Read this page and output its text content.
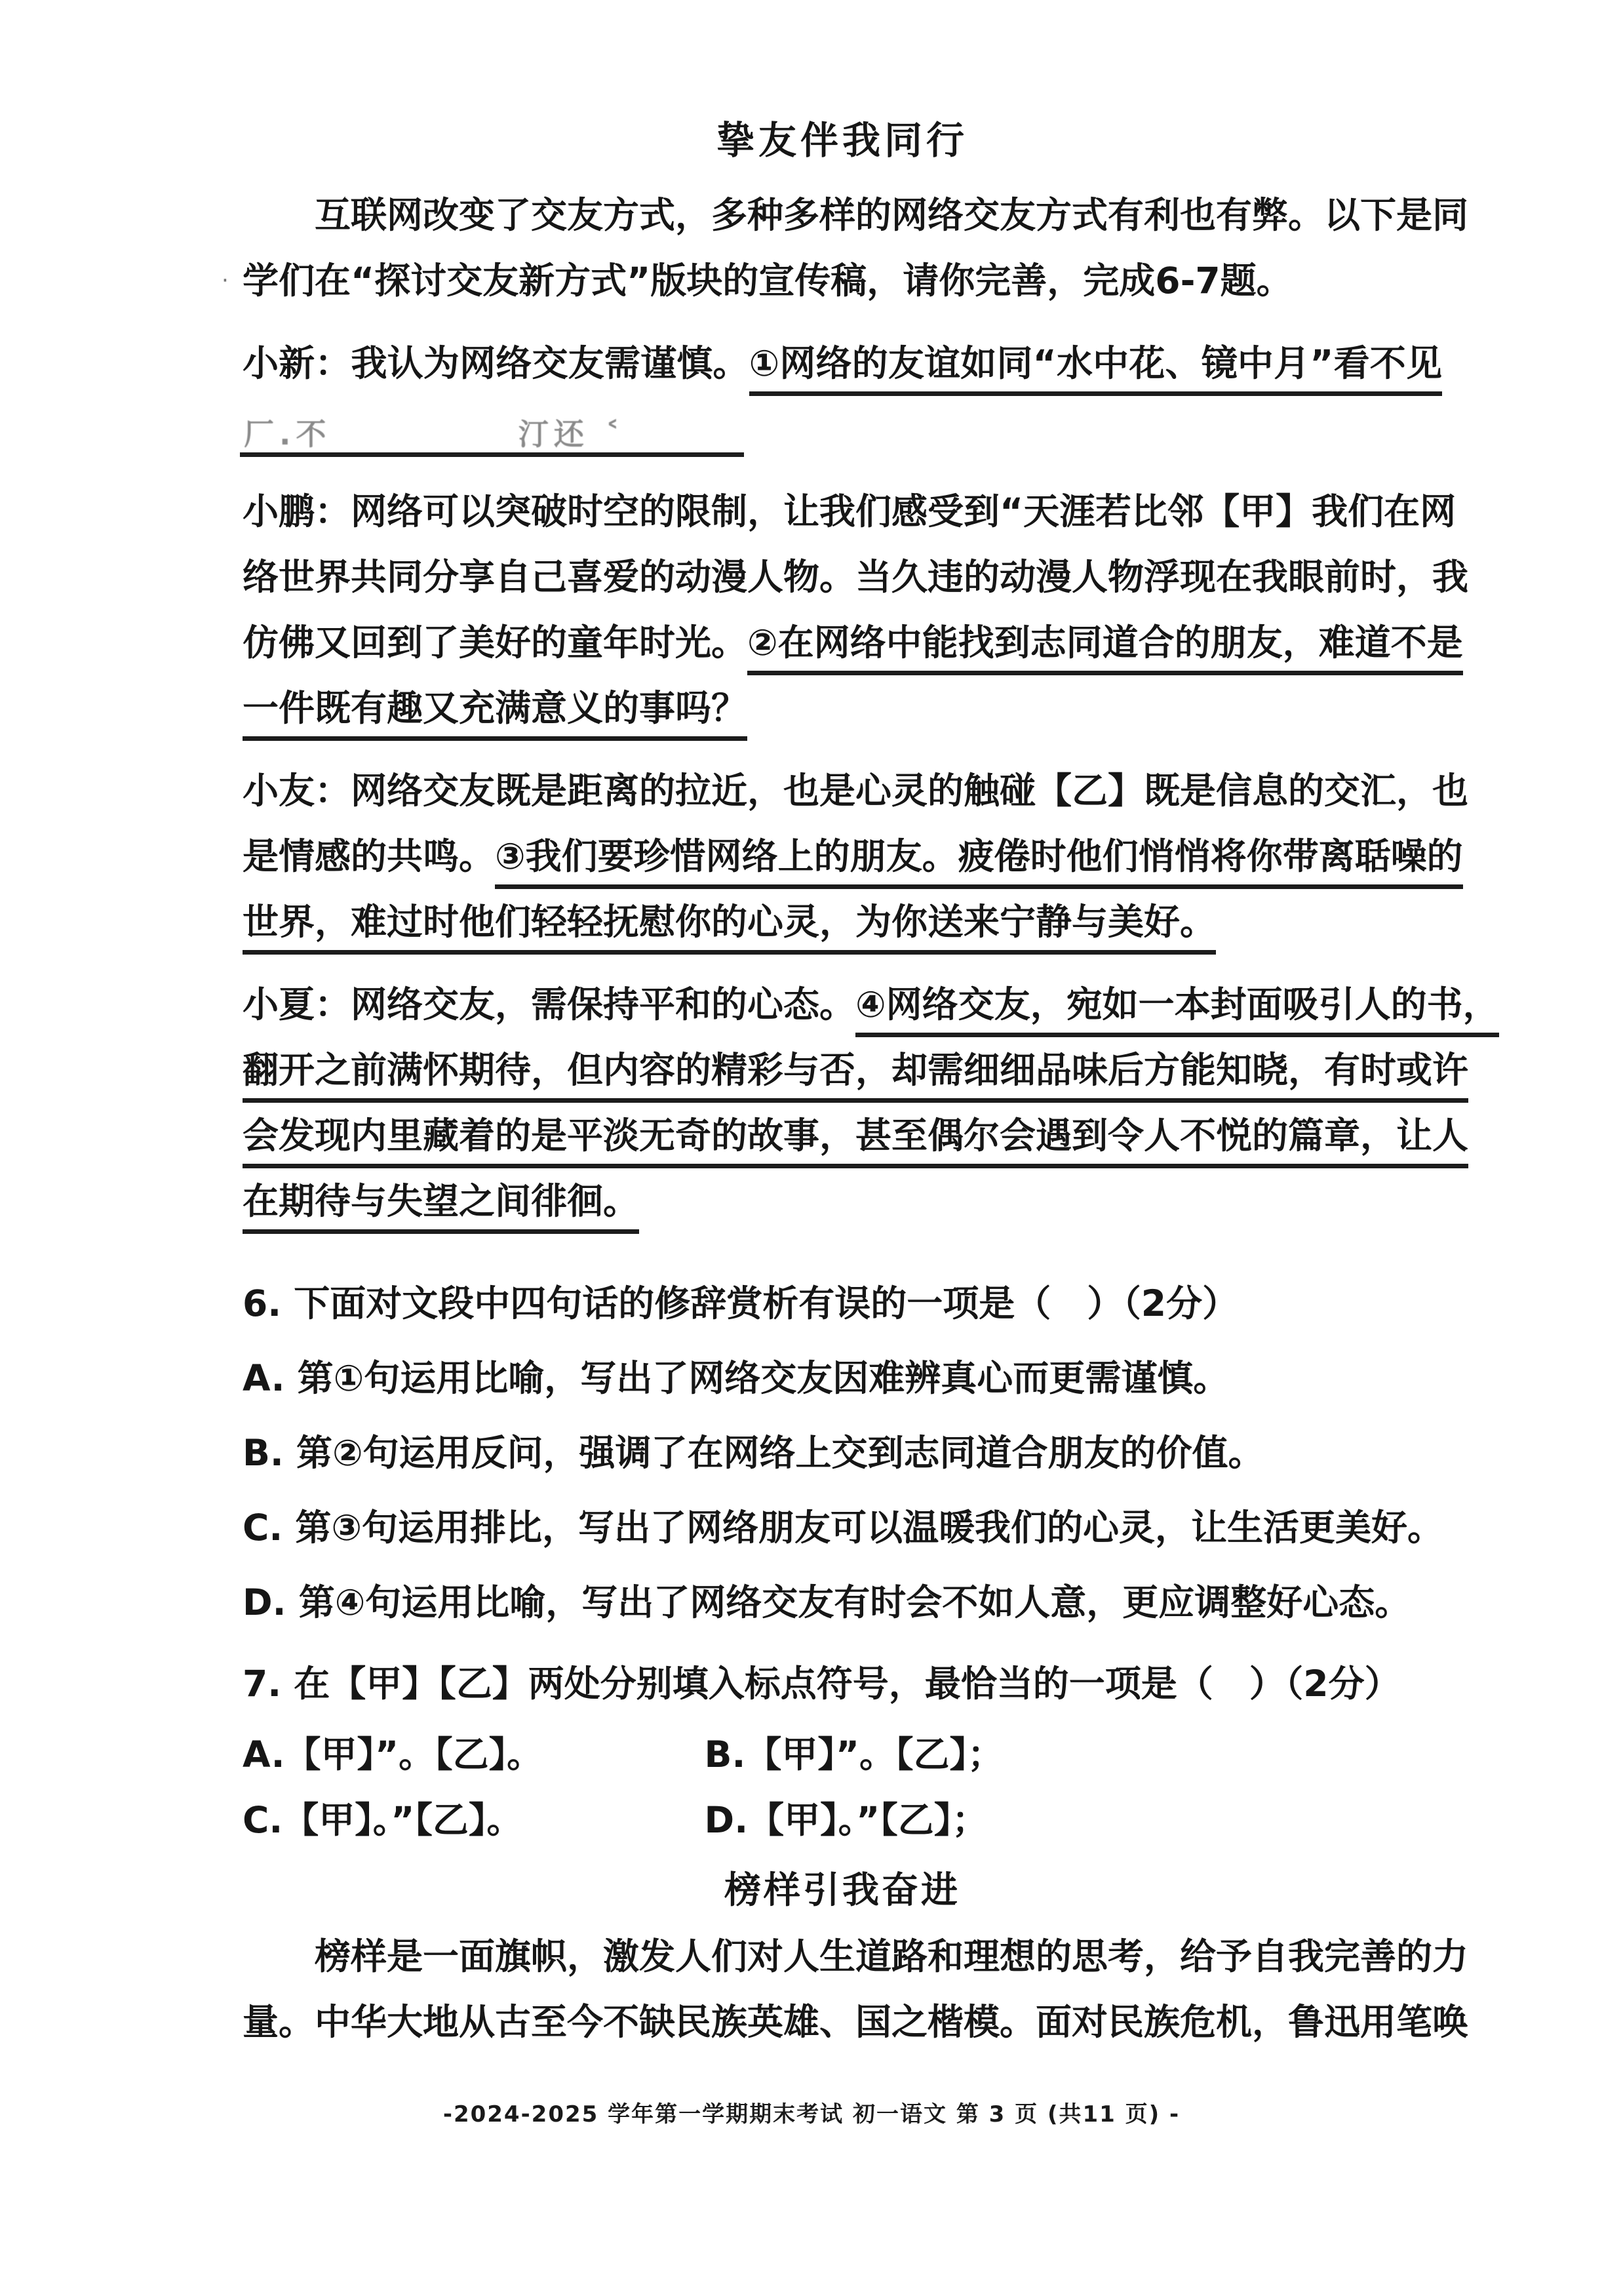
·
挚友伴我同行
互联网改变了交友方式，多种多样的网络交友方式有利也有弊。以下是同
学们在“探讨交友新方式”版块的宣传稿，请你完善，完成6-7题。
小新：我认为网络交友需谨慎。①网络的友谊如同“水中花、镜中月”看不见
厂.不	汀还 ˂
小鹏：网络可以突破时空的限制，让我们感受到“天涯若比邻【甲】我们在网
络世界共同分享自己喜爱的动漫人物。当久违的动漫人物浮现在我眼前时，我
仿佛又回到了美好的童年时光。②在网络中能找到志同道合的朋友，难道不是
一件既有趣又充满意义的事吗？
小友：网络交友既是距离的拉近，也是心灵的触碰【乙】既是信息的交汇，也
是情感的共鸣。③我们要珍惜网络上的朋友。疲倦时他们悄悄将你带离聒噪的
世界，难过时他们轻轻抚慰你的心灵，为你送来宁静与美好。
小夏：网络交友，需保持平和的心态。④网络交友，宛如一本封面吸引人的书，
翻开之前满怀期待，但内容的精彩与否，却需细细品味后方能知晓，有时或许
会发现内里藏着的是平淡无奇的故事，甚至偶尔会遇到令人不悦的篇章，让人
在期待与失望之间徘徊。
6. 下面对文段中四句话的修辞赏析有误的一项是（　）（2分）
A. 第①句运用比喻，写出了网络交友因难辨真心而更需谨慎。
B. 第②句运用反问，强调了在网络上交到志同道合朋友的价值。
C. 第③句运用排比，写出了网络朋友可以温暖我们的心灵，让生活更美好。
D. 第④句运用比喻，写出了网络交友有时会不如人意，更应调整好心态。
7. 在【甲】【乙】两处分别填入标点符号，最恰当的一项是（　）（2分）
A.【甲】”。【乙】。	B.【甲】”。【乙】；
C.【甲】。”【乙】。	D.【甲】。”【乙】；
榜样引我奋进
榜样是一面旗帜，激发人们对人生道路和理想的思考，给予自我完善的力
量。中华大地从古至今不缺民族英雄、国之楷模。面对民族危机，鲁迅用笔唤
-2024-2025 学年第一学期期末考试 初一语文 第 3 页 (共11 页) -
